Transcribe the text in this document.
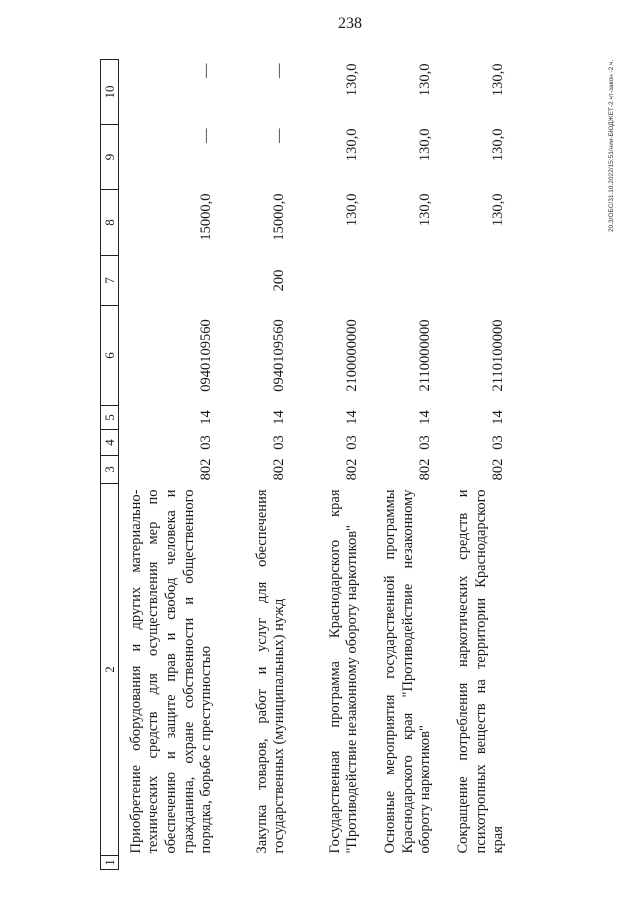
238
1	2	3	4	5	6	7	8	9	10
	Приобретение оборудования и других материально-технических средств для осуществления мер по обеспечению и защите прав и свобод человека и гражданина, охране собственности и общественного порядка, борьбе с преступностью	802	03	14	0940109560		15000,0	—	—
	Закупка товаров, работ и услуг для обеспечения государственных (муниципальных) нужд	802	03	14	0940109560	200	15000,0	—	—
	Государственная программа Краснодарского края "Противодействие незаконному обороту наркотиков"	802	03	14	2100000000		130,0	130,0	130,0
	Основные мероприятия государственной программы Краснодарского края "Противодействие незаконному обороту наркотиков"	802	03	14	2110000000		130,0	130,0	130,0
	Сокращение потребления наркотических средств и психотропных веществ на территории Краснодарского края	802	03	14	2110100000		130,0	130,0	130,0	20.3/ОБС/31.10.2022/15:51/нии-БЮДЖЕТ-2 чт-закон -2 ч.
